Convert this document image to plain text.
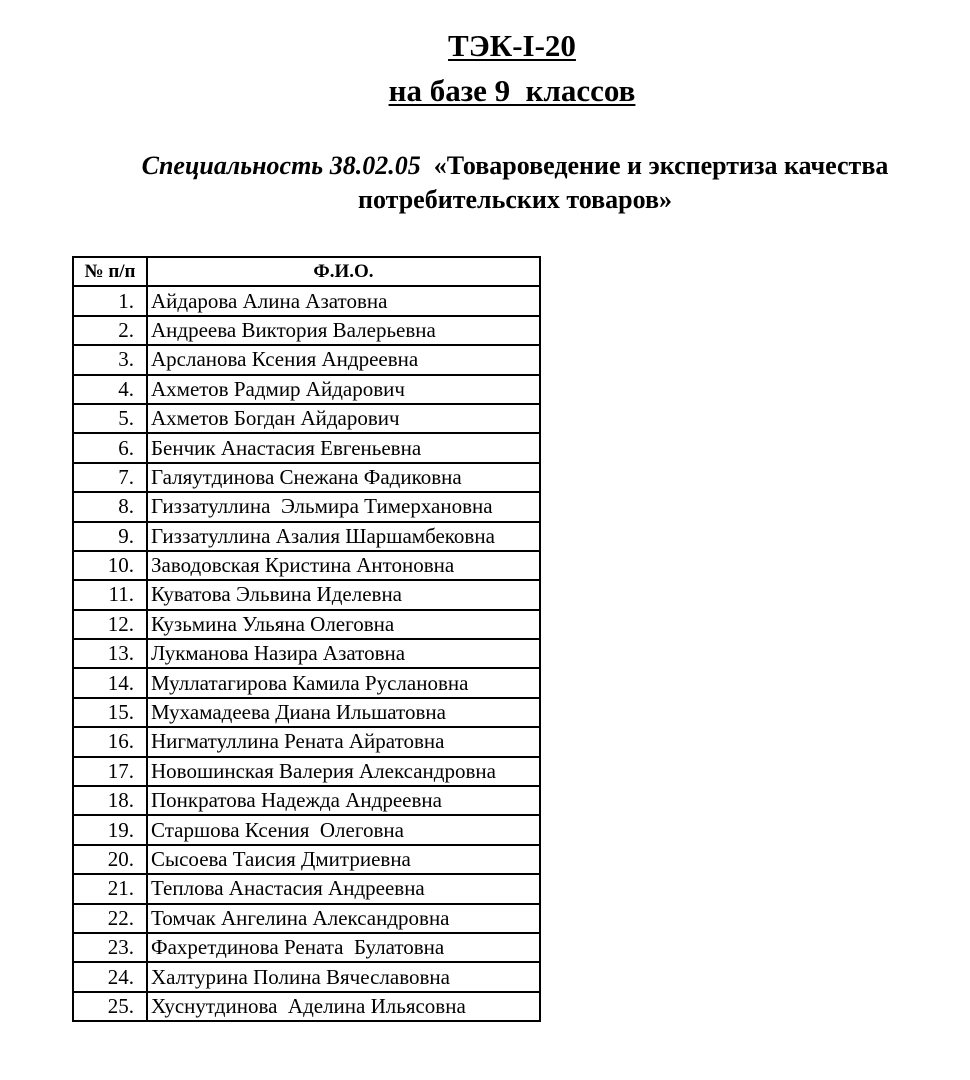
ТЭК-I-20
на базе 9  классов
Специальность 38.02.05  «Товароведение и экспертиза качества потребительских товаров»
№ п/п	Ф.И.О.
1.	Айдарова Алина Азатовна
2.	Андреева Виктория Валерьевна
3.	Арсланова Ксения Андреевна
4.	Ахметов Радмир Айдарович
5.	Ахметов Богдан Айдарович
6.	Бенчик Анастасия Евгеньевна
7.	Галяутдинова Снежана Фадиковна
8.	Гиззатуллина  Эльмира Тимерхановна
9.	Гиззатуллина Азалия Шаршамбековна
10.	Заводовская Кристина Антоновна
11.	Куватова Эльвина Иделевна
12.	Кузьмина Ульяна Олеговна
13.	Лукманова Назира Азатовна
14.	Муллатагирова Камила Руслановна
15.	Мухамадеева Диана Ильшатовна
16.	Нигматуллина Рената Айратовна
17.	Новошинская Валерия Александровна
18.	Понкратова Надежда Андреевна
19.	Старшова Ксения  Олеговна
20.	Сысоева Таисия Дмитриевна
21.	Теплова Анастасия Андреевна
22.	Томчак Ангелина Александровна
23.	Фахретдинова Рената  Булатовна
24.	Халтурина Полина Вячеславовна
25.	Хуснутдинова  Аделина Ильясовна
